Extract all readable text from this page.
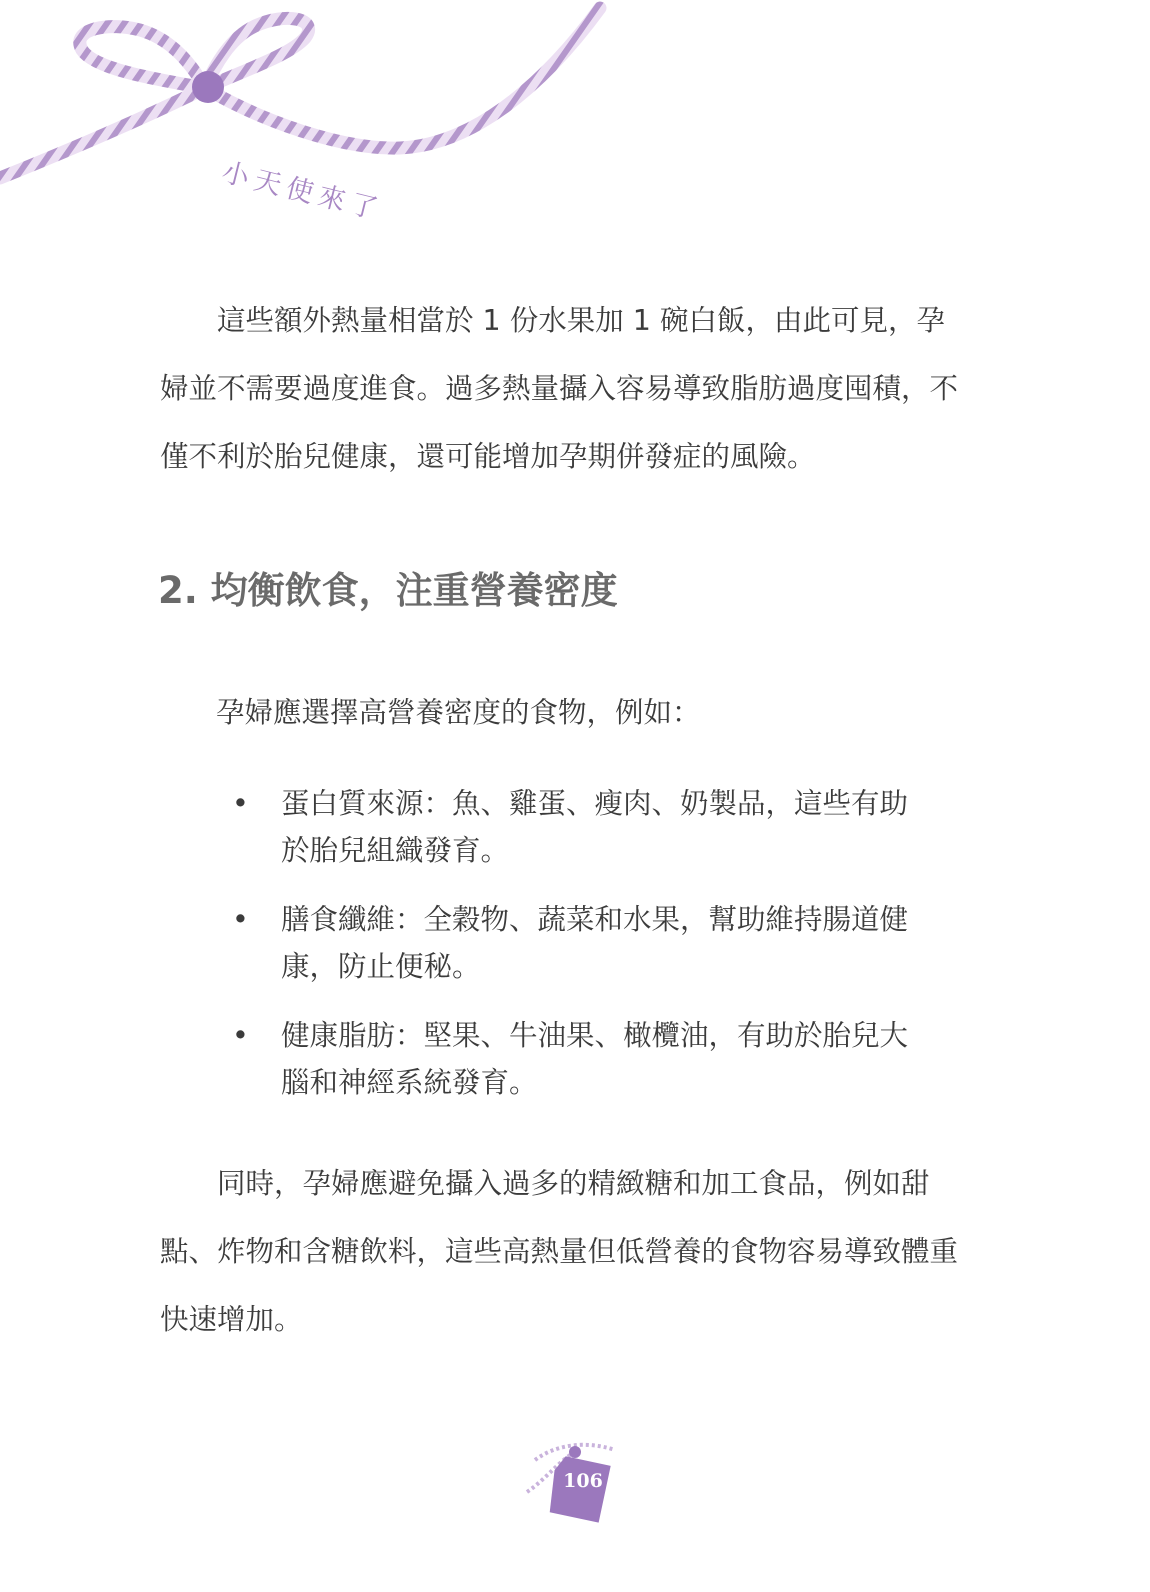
小天使來了

這些額外熱量相當於 1 份水果加 1 碗白飯，由此可見，孕婦並不需要過度進食。過多熱量攝入容易導致脂肪過度囤積，不僅不利於胎兒健康，還可能增加孕期併發症的風險。

2. 均衡飲食，注重營養密度

孕婦應選擇高營養密度的食物，例如：

• 蛋白質來源：魚、雞蛋、瘦肉、奶製品，這些有助於胎兒組織發育。
• 膳食纖維：全穀物、蔬菜和水果，幫助維持腸道健康，防止便秘。
• 健康脂肪：堅果、牛油果、橄欖油，有助於胎兒大腦和神經系統發育。

同時，孕婦應避免攝入過多的精緻糖和加工食品，例如甜點、炸物和含糖飲料，這些高熱量但低營養的食物容易導致體重快速增加。

106
